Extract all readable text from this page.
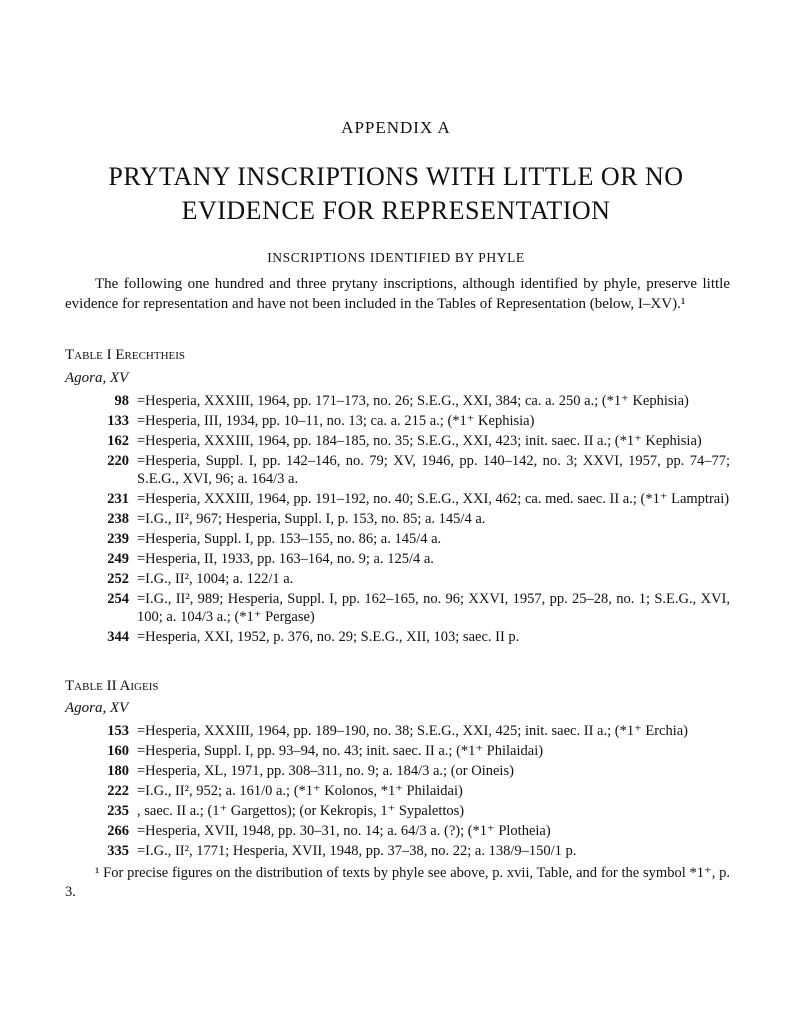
APPENDIX A
PRYTANY INSCRIPTIONS WITH LITTLE OR NO EVIDENCE FOR REPRESENTATION
INSCRIPTIONS IDENTIFIED BY PHYLE
The following one hundred and three prytany inscriptions, although identified by phyle, preserve little evidence for representation and have not been included in the Tables of Representation (below, I–XV).¹
Table I Erechtheis
Agora, XV
98 =Hesperia, XXXIII, 1964, pp. 171–173, no. 26; S.E.G., XXI, 384; ca. a. 250 a.; (*1⁺ Kephisia)
133 =Hesperia, III, 1934, pp. 10–11, no. 13; ca. a. 215 a.; (*1⁺ Kephisia)
162 =Hesperia, XXXIII, 1964, pp. 184–185, no. 35; S.E.G., XXI, 423; init. saec. II a.; (*1⁺ Kephisia)
220 =Hesperia, Suppl. I, pp. 142–146, no. 79; XV, 1946, pp. 140–142, no. 3; XXVI, 1957, pp. 74–77; S.E.G., XVI, 96; a. 164/3 a.
231 =Hesperia, XXXIII, 1964, pp. 191–192, no. 40; S.E.G., XXI, 462; ca. med. saec. II a.; (*1⁺ Lamptrai)
238 =I.G., II², 967; Hesperia, Suppl. I, p. 153, no. 85; a. 145/4 a.
239 =Hesperia, Suppl. I, pp. 153–155, no. 86; a. 145/4 a.
249 =Hesperia, II, 1933, pp. 163–164, no. 9; a. 125/4 a.
252 =I.G., II², 1004; a. 122/1 a.
254 =I.G., II², 989; Hesperia, Suppl. I, pp. 162–165, no. 96; XXVI, 1957, pp. 25–28, no. 1; S.E.G., XVI, 100; a. 104/3 a.; (*1⁺ Pergase)
344 =Hesperia, XXI, 1952, p. 376, no. 29; S.E.G., XII, 103; saec. II p.
Table II Aigeis
Agora, XV
153 =Hesperia, XXXIII, 1964, pp. 189–190, no. 38; S.E.G., XXI, 425; init. saec. II a.; (*1⁺ Erchia)
160 =Hesperia, Suppl. I, pp. 93–94, no. 43; init. saec. II a.; (*1⁺ Philaidai)
180 =Hesperia, XL, 1971, pp. 308–311, no. 9; a. 184/3 a.; (or Oineis)
222 =I.G., II², 952; a. 161/0 a.; (*1⁺ Kolonos, *1⁺ Philaidai)
235 , saec. II a.; (1⁺ Gargettos); (or Kekropis, 1⁺ Sypalettos)
266 =Hesperia, XVII, 1948, pp. 30–31, no. 14; a. 64/3 a. (?); (*1⁺ Plotheia)
335 =I.G., II², 1771; Hesperia, XVII, 1948, pp. 37–38, no. 22; a. 138/9–150/1 p.
¹ For precise figures on the distribution of texts by phyle see above, p. xvii, Table, and for the symbol *1⁺, p. 3.
